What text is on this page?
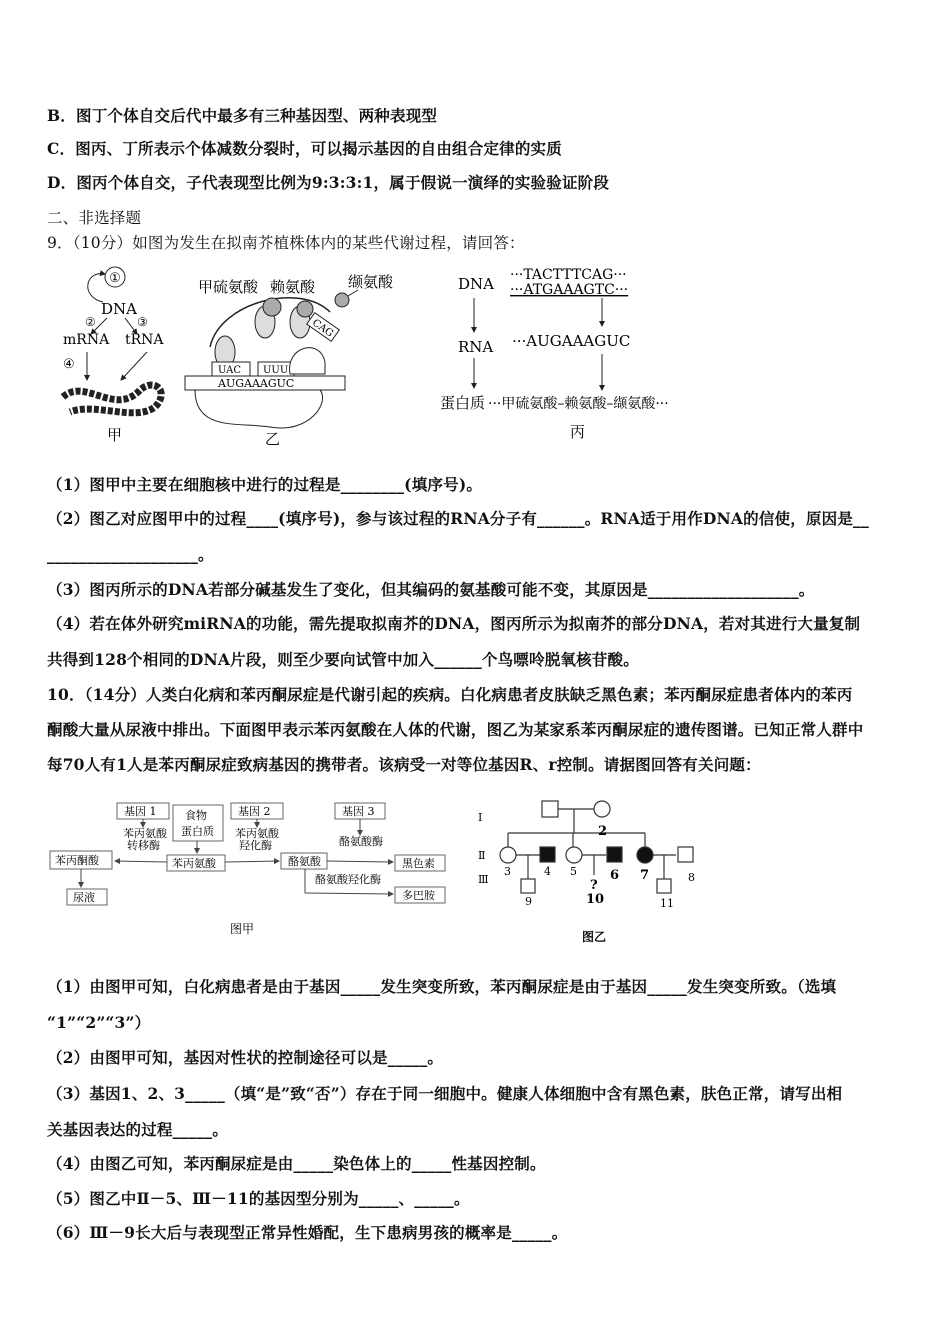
B．图丁个体自交后代中最多有三种基因型、两种表现型
C．图丙、丁所表示个体减数分裂时，可以揭示基因的自由组合定律的实质
D．图丙个体自交，子代表现型比例为9:3:3:1，属于假说一演绎的实验验证阶段
二、非选择题
9．（10分）如图为发生在拟南芥植株体内的某些代谢过程，请回答：
①
DNA
②	③
mRNA tRNA
④
甲
甲硫氨酸 赖氨酸 缬氨酸
UAC UUU
CAG
AUGAAAGUC
乙
DNA ···TACTTTCAG···
···ATGAAAGTC···
RNA ···AUGAAAGUC
蛋白质 ···甲硫氨酸–赖氨酸–缬氨酸···
丙
（1）图甲中主要在细胞核中进行的过程是________(填序号)。
（2）图乙对应图甲中的过程____(填序号)，参与该过程的RNA分子有______。RNA适于用作DNA的信使，原因是__
___________________。
（3）图丙所示的DNA若部分碱基发生了变化，但其编码的氨基酸可能不变，其原因是___________________。
（4）若在体外研究miRNA的功能，需先提取拟南芥的DNA，图丙所示为拟南芥的部分DNA，若对其进行大量复制
共得到128个相同的DNA片段，则至少要向试管中加入______个鸟嘌呤脱氧核苷酸。
10．（14分）人类白化病和苯丙酮尿症是代谢引起的疾病。白化病患者皮肤缺乏黑色素；苯丙酮尿症患者体内的苯丙
酮酸大量从尿液中排出。下面图甲表示苯丙氨酸在人体的代谢，图乙为某家系苯丙酮尿症的遗传图谱。已知正常人群中
每70人有1人是苯丙酮尿症致病基因的携带者。该病受一对等位基因R、r控制。请据图回答有关问题：
基因 1	食物
蛋白质
基因 2	基因 3
苯丙酮酸
尿液
苯丙氨酸	酪氨酸	黑色素
多巴胺
苯丙氨酸
转移酶
苯丙氨酸
羟化酶	酪氨酸酶
酪氨酸羟化酶
图甲
Ⅰ
Ⅱ
Ⅲ
2
3	4 5	6 7	8
9
?
10	11
图乙
（1）由图甲可知，白化病患者是由于基因_____发生突变所致，苯丙酮尿症是由于基因_____发生突变所致。（选填
“1”“2”“3”）
（2）由图甲可知，基因对性状的控制途径可以是_____。
（3）基因1、2、3_____（填“是”致“否”）存在于同一细胞中。健康人体细胞中含有黑色素，肤色正常，请写出相
关基因表达的过程_____。
（4）由图乙可知，苯丙酮尿症是由_____染色体上的_____性基因控制。
（5）图乙中Ⅱ－5、Ⅲ－11的基因型分别为_____、_____。
（6）Ⅲ－9长大后与表现型正常异性婚配，生下患病男孩的概率是_____。
